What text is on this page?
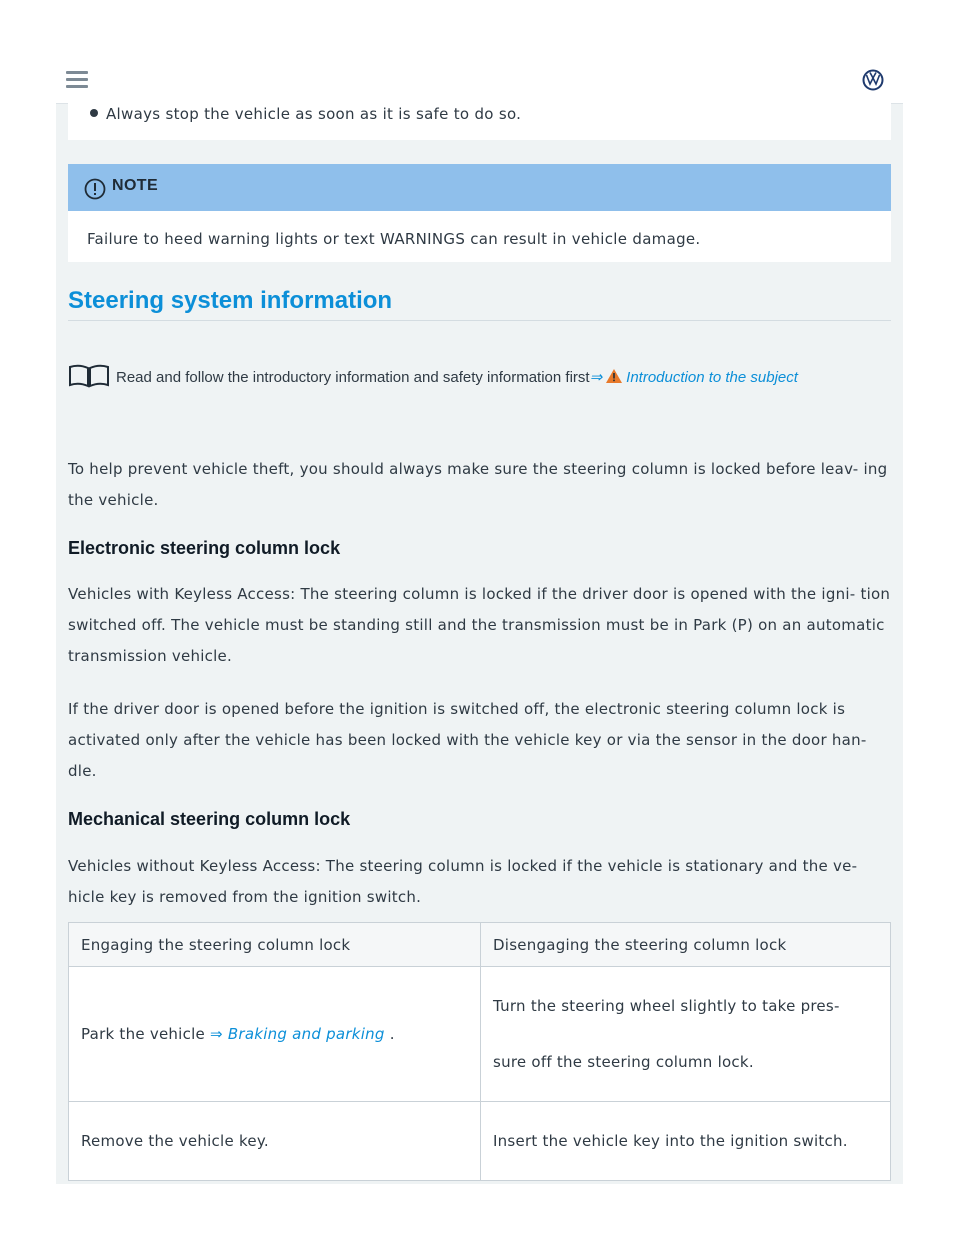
Always stop the vehicle as soon as it is safe to do so.
NOTE
Failure to heed warning lights or text WARNINGS can result in vehicle damage.
Steering system information
Read and follow the introductory information and safety information first⇒ Introduction to the subject
To help prevent vehicle theft, you should always make sure the steering column is locked before leav- ing the vehicle.
Electronic steering column lock
Vehicles with Keyless Access: The steering column is locked if the driver door is opened with the igni- tion switched off. The vehicle must be standing still and the transmission must be in Park (P) on an automatic transmission vehicle.
If the driver door is opened before the ignition is switched off, the electronic steering column lock is activated only after the vehicle has been locked with the vehicle key or via the sensor in the door han- dle.
Mechanical steering column lock
Vehicles without Keyless Access: The steering column is locked if the vehicle is stationary and the ve- hicle key is removed from the ignition switch.
Engaging the steering column lock	Disengaging the steering column lock
Park the vehicle ⇒ Braking and parking .	Turn the steering wheel slightly to take pres- sure off the steering column lock.
Remove the vehicle key.	Insert the vehicle key into the ignition switch.
